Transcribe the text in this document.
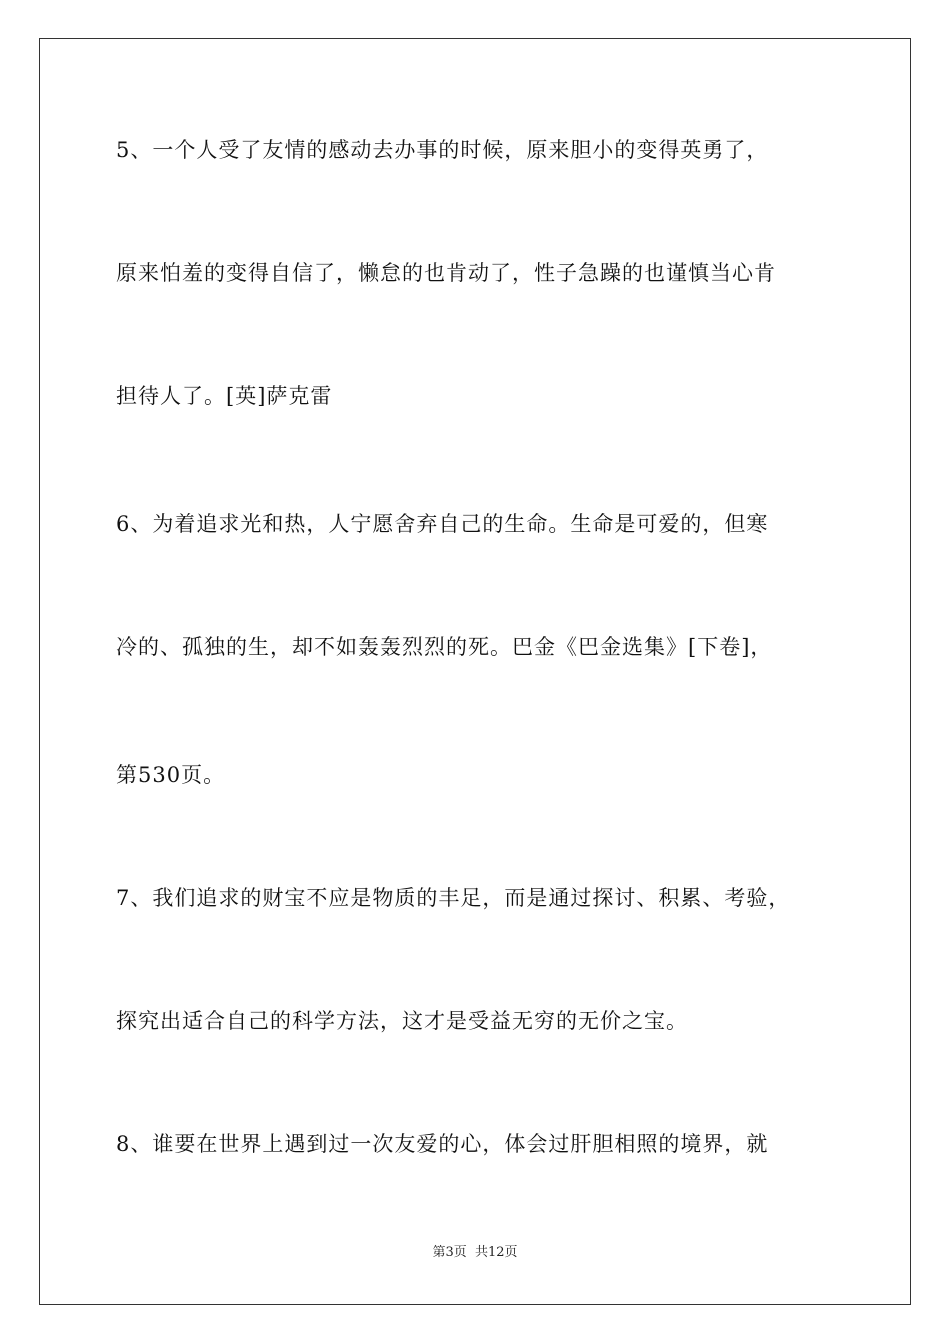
5、一个人受了友情的感动去办事的时候，原来胆小的变得英勇了，
原来怕羞的变得自信了，懒怠的也肯动了，性子急躁的也谨慎当心肯
担待人了。[英]萨克雷
6、为着追求光和热，人宁愿舍弃自己的生命。生命是可爱的，但寒
冷的、孤独的生，却不如轰轰烈烈的死。巴金《巴金选集》[下卷]，
第530页。
7、我们追求的财宝不应是物质的丰足，而是通过探讨、积累、考验，
探究出适合自己的科学方法，这才是受益无穷的无价之宝。
8、谁要在世界上遇到过一次友爱的心，体会过肝胆相照的境界，就
第3页 共12页
